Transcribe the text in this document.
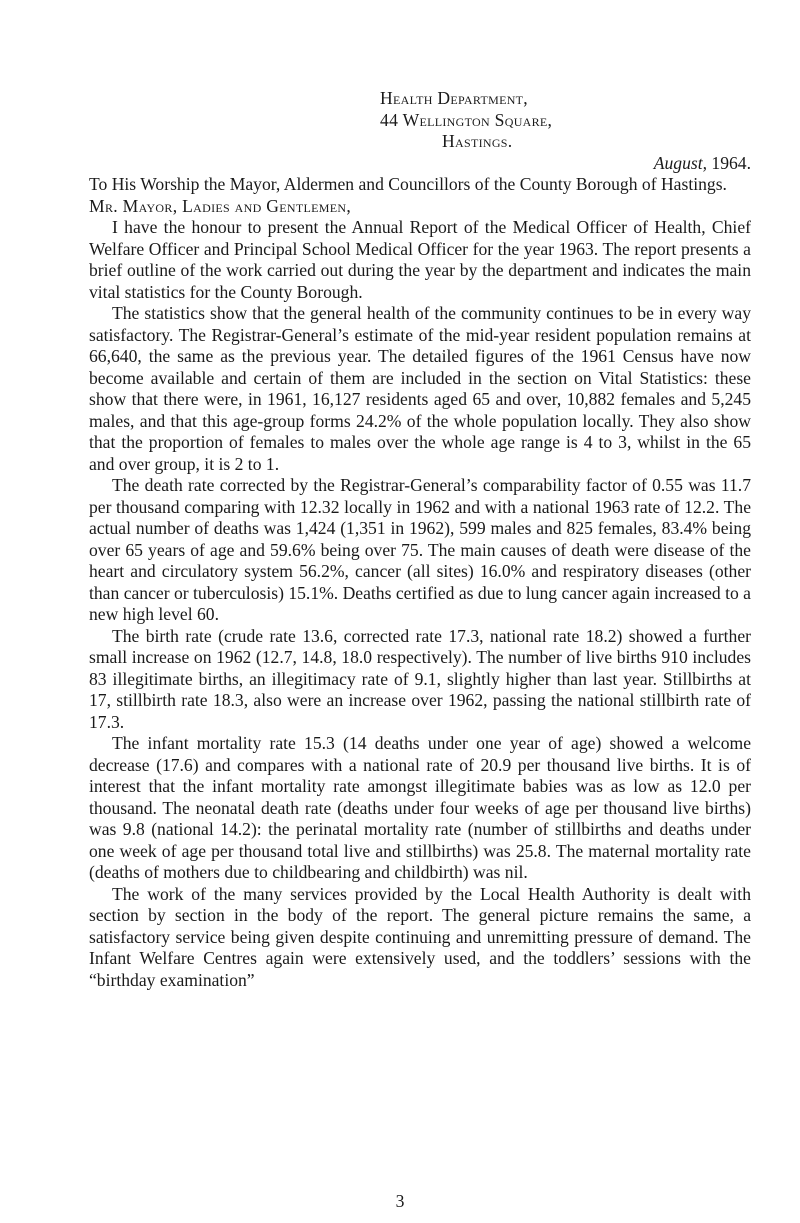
Health Department,
44 Wellington Square,
Hastings.
August, 1964.

To His Worship the Mayor, Aldermen and Councillors of the County Borough of Hastings.

Mr. Mayor, Ladies and Gentlemen,

I have the honour to present the Annual Report of the Medical Officer of Health, Chief Welfare Officer and Principal School Medical Officer for the year 1963. The report presents a brief outline of the work carried out during the year by the department and indicates the main vital statistics for the County Borough.

The statistics show that the general health of the community continues to be in every way satisfactory. The Registrar-General’s estimate of the mid-year resident population remains at 66,640, the same as the previous year. The detailed figures of the 1961 Census have now become available and certain of them are included in the section on Vital Statistics: these show that there were, in 1961, 16,127 residents aged 65 and over, 10,882 females and 5,245 males, and that this age-group forms 24.2% of the whole population locally. They also show that the proportion of females to males over the whole age range is 4 to 3, whilst in the 65 and over group, it is 2 to 1.

The death rate corrected by the Registrar-General’s comparability factor of 0.55 was 11.7 per thousand comparing with 12.32 locally in 1962 and with a national 1963 rate of 12.2. The actual number of deaths was 1,424 (1,351 in 1962), 599 males and 825 females, 83.4% being over 65 years of age and 59.6% being over 75. The main causes of death were disease of the heart and circulatory system 56.2%, cancer (all sites) 16.0% and respiratory diseases (other than cancer or tuberculosis) 15.1%. Deaths certified as due to lung cancer again increased to a new high level 60.

The birth rate (crude rate 13.6, corrected rate 17.3, national rate 18.2) showed a further small increase on 1962 (12.7, 14.8, 18.0 respectively). The number of live births 910 includes 83 illegitimate births, an illegitimacy rate of 9.1, slightly higher than last year. Stillbirths at 17, stillbirth rate 18.3, also were an increase over 1962, passing the national stillbirth rate of 17.3.

The infant mortality rate 15.3 (14 deaths under one year of age) showed a welcome decrease (17.6) and compares with a national rate of 20.9 per thousand live births. It is of interest that the infant mortality rate amongst illegitimate babies was as low as 12.0 per thousand. The neonatal death rate (deaths under four weeks of age per thousand live births) was 9.8 (national 14.2): the perinatal mortality rate (number of stillbirths and deaths under one week of age per thousand total live and stillbirths) was 25.8. The maternal mortality rate (deaths of mothers due to childbearing and childbirth) was nil.

The work of the many services provided by the Local Health Authority is dealt with section by section in the body of the report. The general picture remains the same, a satisfactory service being given despite continuing and unremitting pressure of demand. The Infant Welfare Centres again were extensively used, and the toddlers’ sessions with the “birthday examination”

3
